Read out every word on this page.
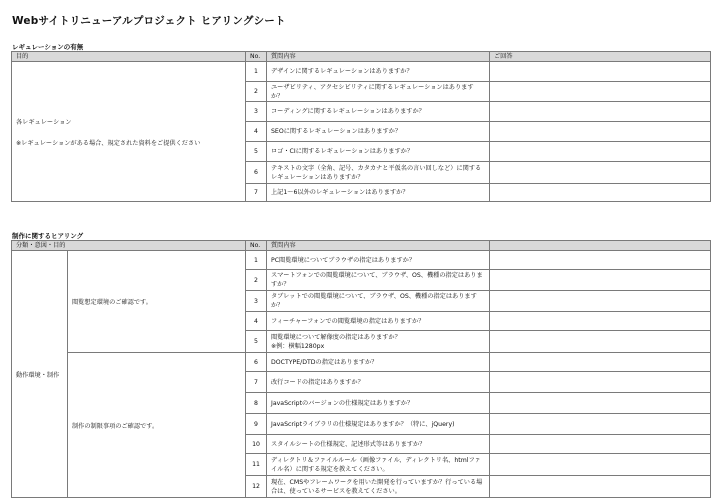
Webサイトリニューアルプロジェクト ヒアリングシート
レギュレーションの有無
目的	No.	質問内容	ご回答
各レギュレーション
※レギュレーションがある場合、規定された資料をご提供ください	1	デザインに関するレギュレーションはありますか？	
	2	ユーザビリティ、アクセシビリティに関するレギュレーションはありますか？	
	3	コーディングに関するレギュレーションはありますか？	
	4	SEOに関するレギュレーションはありますか？	
	5	ロゴ・CIに関するレギュレーションはありますか？	
	6	テキストの文字（全角、記号、カタカナと平仮名の言い回しなど）に関するレギュレーションはありますか？	
	7	上記1～6以外のレギュレーションはありますか？	
制作に関するヒアリング
分類・意図・目的		No.	質問内容	
動作環境・制作	閲覧想定環境のご確認です。	1	PC閲覧環境についてブラウザの指定はありますか？	
		2	スマートフォンでの閲覧環境について、ブラウザ、OS、機種の指定はありますか？	
		3	タブレットでの閲覧環境について、ブラウザ、OS、機種の指定はありますか？	
		4	フィーチャーフォンでの閲覧環境の指定はありますか？	
		5	閲覧環境について解像度の指定はありますか？
※例：横幅1280px	
	制作の制限事項のご確認です。	6	DOCTYPE/DTDの指定はありますか？	
		7	改行コードの指定はありますか？	
		8	JavaScriptのバージョンの仕様規定はありますか？	
		9	JavaScriptライブラリの仕様規定はありますか？（特に、jQuery)	
		10	スタイルシートの仕様規定、記述形式等はありますか？	
		11	ディレクトリ＆ファイルルール（画像ファイル、ディレクトリ名、htmlファイル名）に関する規定を教えてください。	
		12	現在、CMSやフレームワークを用いた開発を行っていますか？行っている場合は、使っているサービスを教えてください。	
